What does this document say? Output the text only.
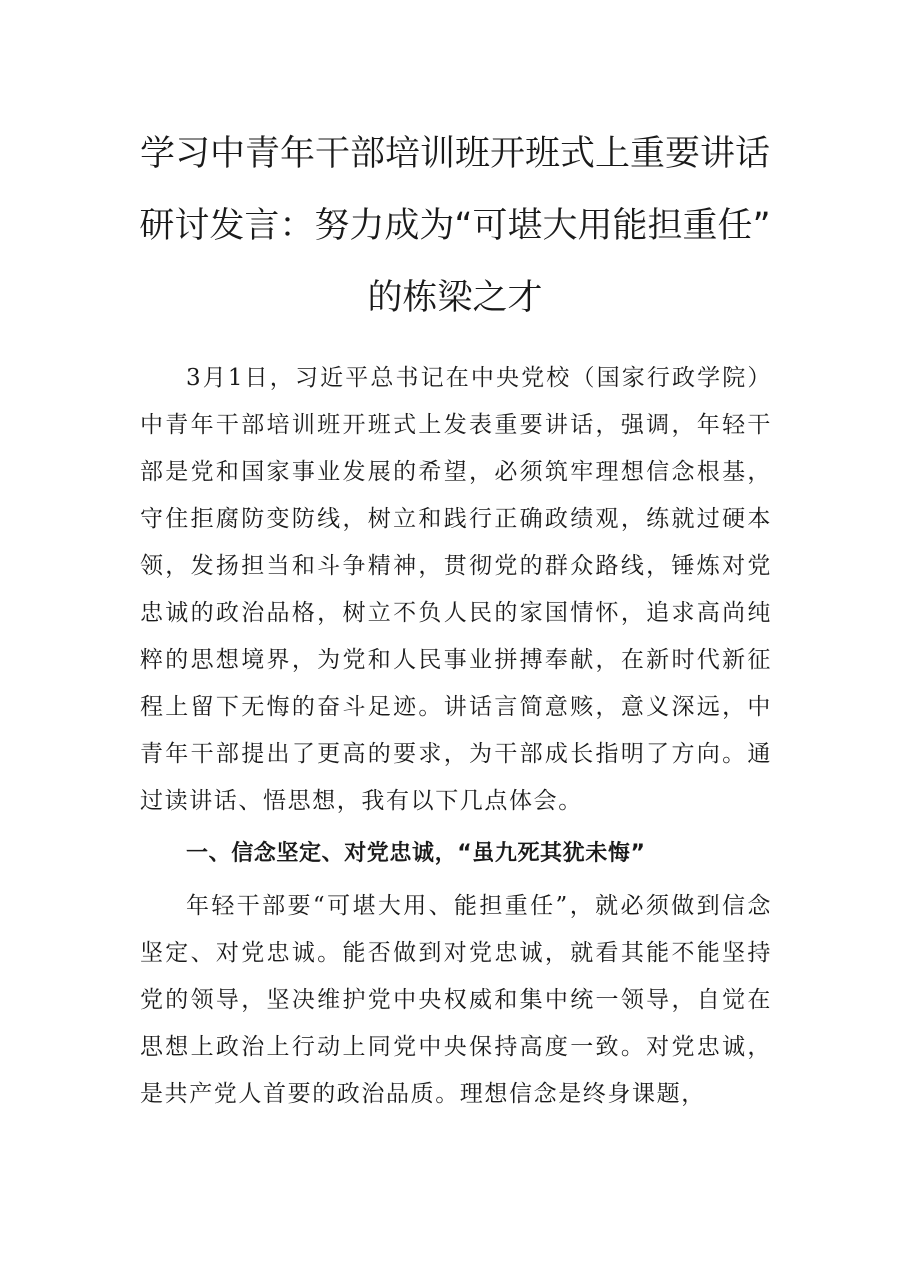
学习中青年干部培训班开班式上重要讲话
研讨发言：努力成为“可堪大用能担重任”
的栋梁之才

3月1日，习近平总书记在中央党校（国家行政学院）中青年干部培训班开班式上发表重要讲话，强调，年轻干部是党和国家事业发展的希望，必须筑牢理想信念根基，守住拒腐防变防线，树立和践行正确政绩观，练就过硬本领，发扬担当和斗争精神，贯彻党的群众路线，锤炼对党忠诚的政治品格，树立不负人民的家国情怀，追求高尚纯粹的思想境界，为党和人民事业拼搏奉献，在新时代新征程上留下无悔的奋斗足迹。讲话言简意赅，意义深远，中青年干部提出了更高的要求，为干部成长指明了方向。通过读讲话、悟思想，我有以下几点体会。

一、信念坚定、对党忠诚，“虽九死其犹未悔”

年轻干部要“可堪大用、能担重任”，就必须做到信念坚定、对党忠诚。能否做到对党忠诚，就看其能不能坚持党的领导，坚决维护党中央权威和集中统一领导，自觉在思想上政治上行动上同党中央保持高度一致。对党忠诚，是共产党人首要的政治品质。理想信念是终身课题，
